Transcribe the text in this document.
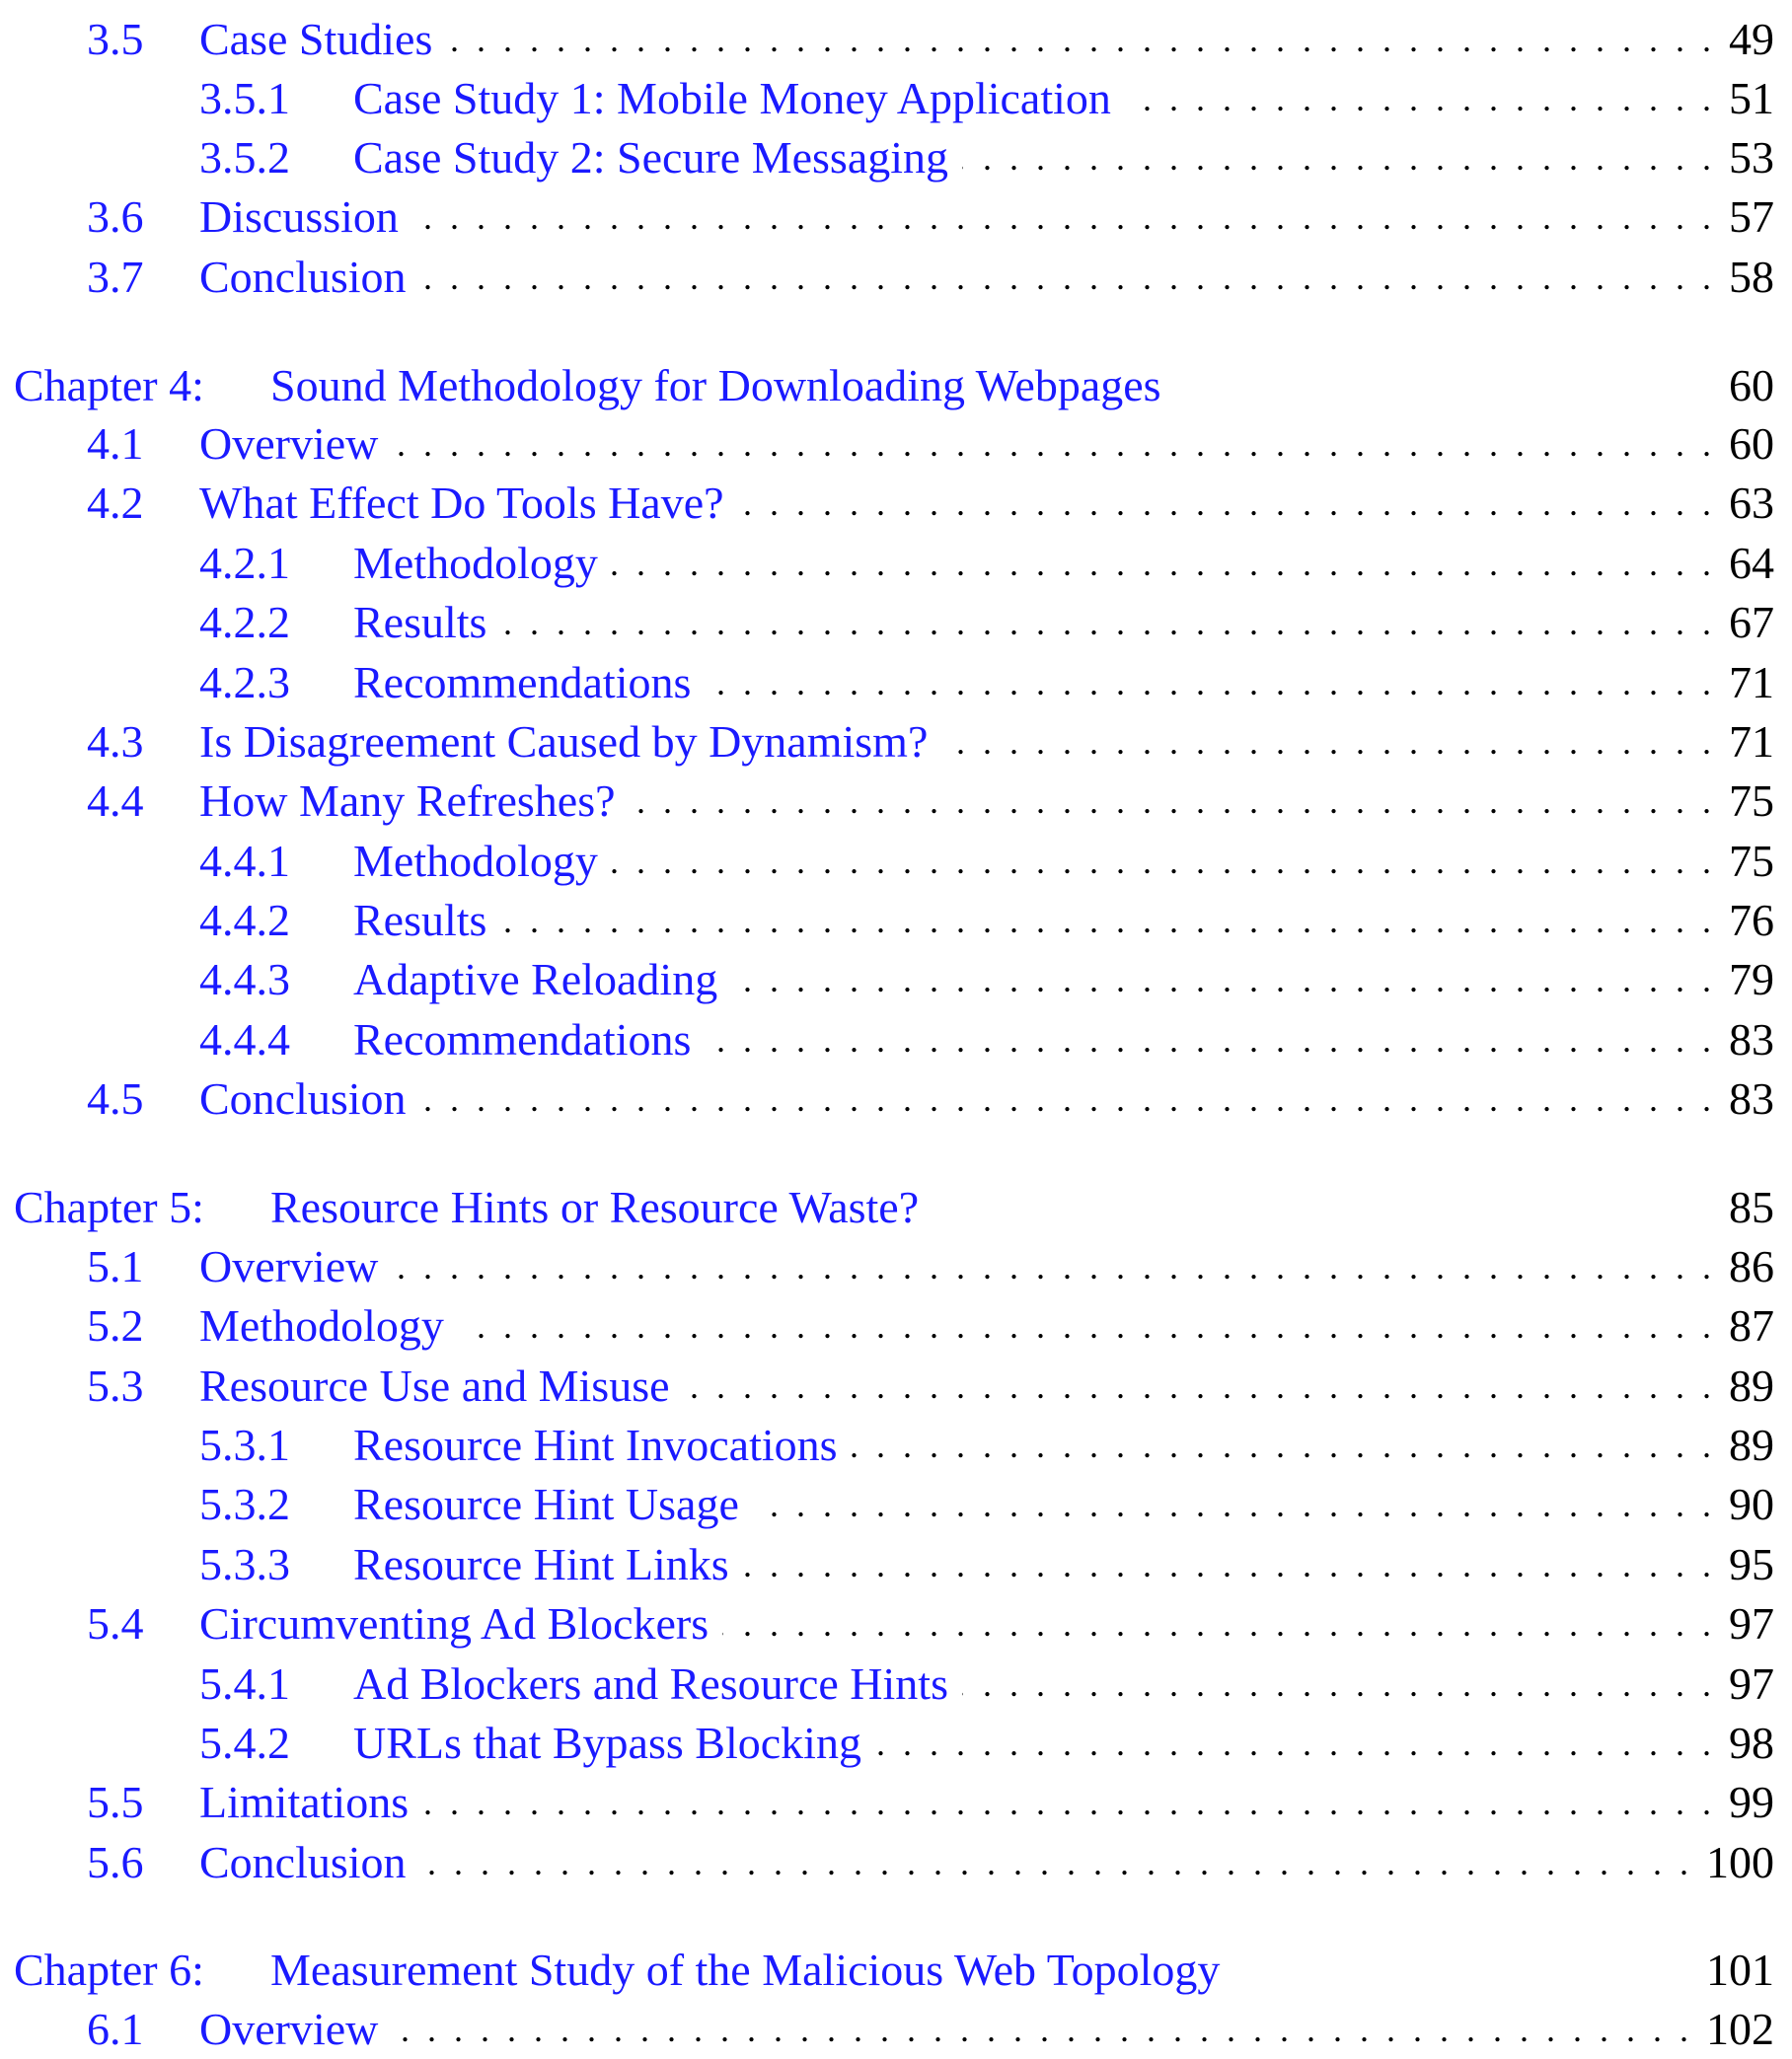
3.5 Case Studies . . .	49
3.5.1 Case Study 1: Mobile Money Application . . .	51
3.5.2 Case Study 2: Secure Messaging . . .	53
3.6 Discussion . . .	57
3.7 Conclusion . . .	58
Chapter 4: Sound Methodology for Downloading Webpages	60
4.1 Overview . . .	60
4.2 What Effect Do Tools Have? . . .	63
4.2.1 Methodology . . .	64
4.2.2 Results . . .	67
4.2.3 Recommendations . . .	71
4.3 Is Disagreement Caused by Dynamism? . . .	71
4.4 How Many Refreshes? . . .	75
4.4.1 Methodology . . .	75
4.4.2 Results . . .	76
4.4.3 Adaptive Reloading . . .	79
4.4.4 Recommendations . . .	83
4.5 Conclusion . . .	83
Chapter 5: Resource Hints or Resource Waste?	85
5.1 Overview . . .	86
5.2 Methodology . . .	87
5.3 Resource Use and Misuse . . .	89
5.3.1 Resource Hint Invocations . . .	89
5.3.2 Resource Hint Usage . . .	90
5.3.3 Resource Hint Links . . .	95
5.4 Circumventing Ad Blockers . . .	97
5.4.1 Ad Blockers and Resource Hints . . .	97
5.4.2 URLs that Bypass Blocking . . .	98
5.5 Limitations . . .	99
5.6 Conclusion . . .	100
Chapter 6: Measurement Study of the Malicious Web Topology	101
6.1 Overview . . .	102
